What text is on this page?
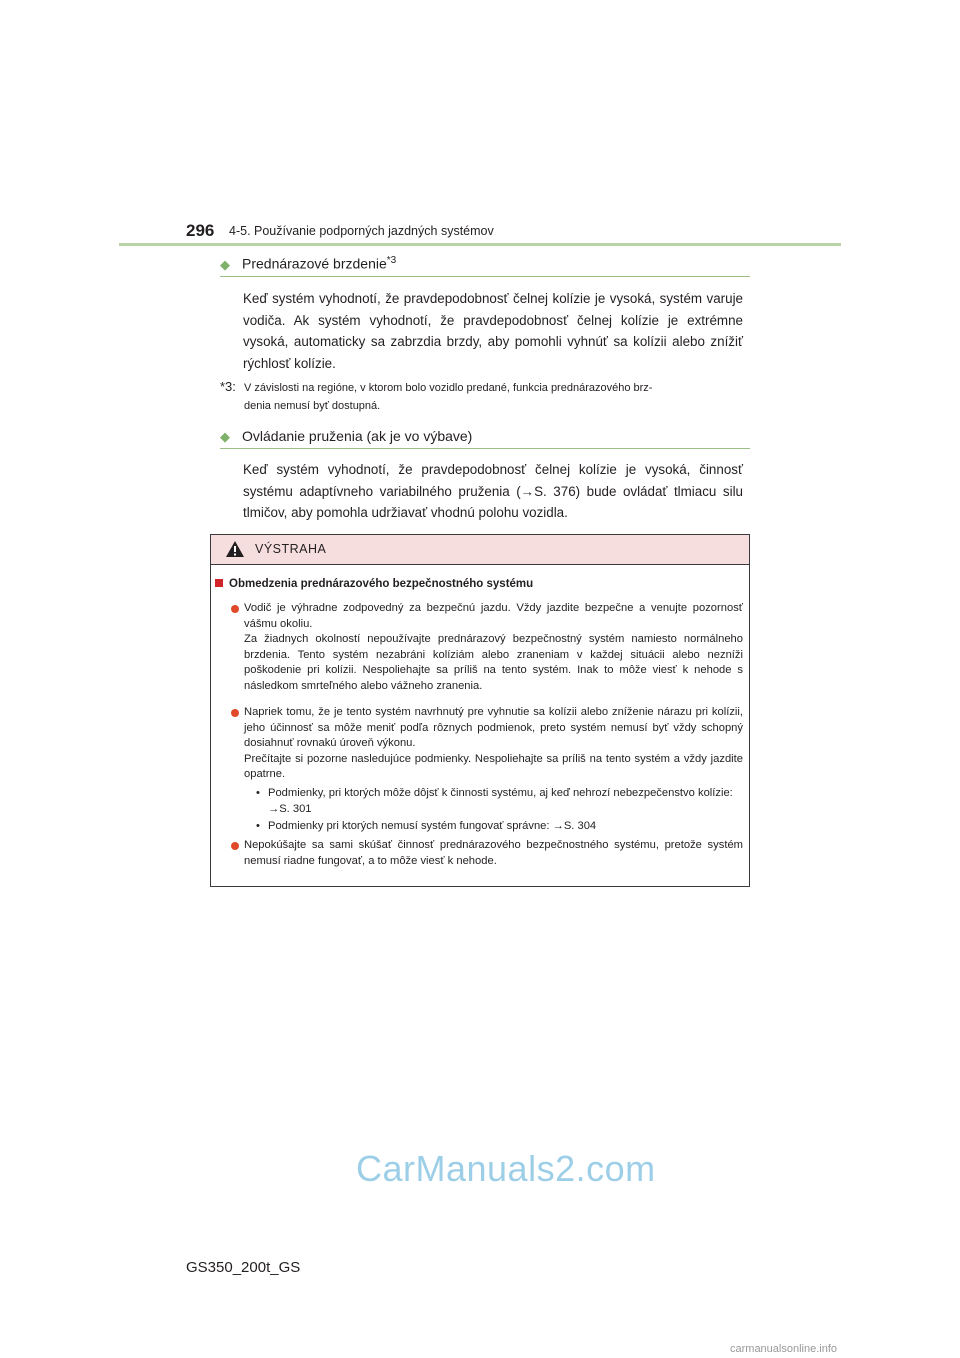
296 4-5. Používanie podporných jazdných systémov
◆ Prednárazové brzdenie$^{*3}$
Keď systém vyhodnotí, že pravdepodobnosť čelnej kolízie je vysoká, systém varuje vodiča. Ak systém vyhodnotí, že pravdepodobnosť čelnej kolízie je extrémne vysoká, automaticky sa zabrzdia brzdy, aby pomohli vyhnúť sa kolízii alebo znížiť rýchlosť kolízie.
*3: V závislosti na regióne, v ktorom bolo vozidlo predané, funkcia prednárazového brz-
denia nemusí byť dostupná.
◆ Ovládanie pruženia (ak je vo výbave)
Keď systém vyhodnotí, že pravdepodobnosť čelnej kolízie je vysoká, činnosť systému adaptívneho variabilného pruženia (→S. 376) bude ovládať tlmiacu silu tlmičov, aby pomohla udržiavať vhodnú polohu vozidla.
VÝSTRAHA
Obmedzenia prednárazového bezpečnostného systému
Vodič je výhradne zodpovedný za bezpečnú jazdu. Vždy jazdite bezpečne a venujte pozornosť vášmu okoliu.
Za žiadnych okolností nepoužívajte prednárazový bezpečnostný systém namiesto normálneho brzdenia. Tento systém nezabráni kolíziám alebo zraneniam v každej situácii alebo nezníži poškodenie pri kolízii. Nespoliehajte sa príliš na tento systém. Inak to môže viesť k nehode s následkom smrteľného alebo vážneho zranenia.
Napriek tomu, že je tento systém navrhnutý pre vyhnutie sa kolízii alebo zníženie nárazu pri kolízii, jeho účinnosť sa môže meniť podľa rôznych podmienok, preto systém nemusí byť vždy schopný dosiahnuť rovnakú úroveň výkonu.
Prečítajte si pozorne nasledujúce podmienky. Nespoliehajte sa príliš na tento systém a vždy jazdite opatrne.
• Podmienky, pri ktorých môže dôjsť k činnosti systému, aj keď nehrozí nebezpečenstvo kolízie: →S. 301
• Podmienky pri ktorých nemusí systém fungovať správne: →S. 304
Nepokúšajte sa sami skúšať činnosť prednárazového bezpečnostného systému, pretože systém nemusí riadne fungovať, a to môže viesť k nehode.
CarManuals2.com
GS350_200t_GS
carmanualsonline.info
